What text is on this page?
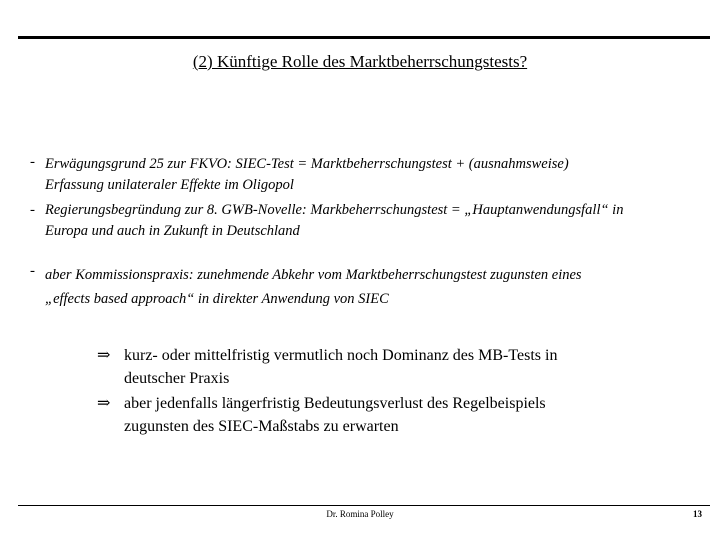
(2) Künftige Rolle des Marktbeherrschungstests?
- Erwägungsgrund 25 zur FKVO: SIEC-Test = Marktbeherrschungstest + (ausnahmsweise)
Erfassung unilateraler Effekte im Oligopol
- Regierungsbegründung zur 8. GWB-Novelle: Markbeherrschungstest = „Hauptanwendungsfall“ in
Europa und auch in Zukunft in Deutschland
- aber Kommissionspraxis: zunehmende Abkehr vom Marktbeherrschungstest zugunsten eines
„effects based approach“ in direkter Anwendung von SIEC
⇒ kurz- oder mittelfristig vermutlich noch Dominanz des MB-Tests in
deutscher Praxis
⇒ aber jedenfalls längerfristig Bedeutungsverlust des Regelbeispiels
zugunsten des SIEC-Maßstabs zu erwarten
Dr. Romina Polley	13
